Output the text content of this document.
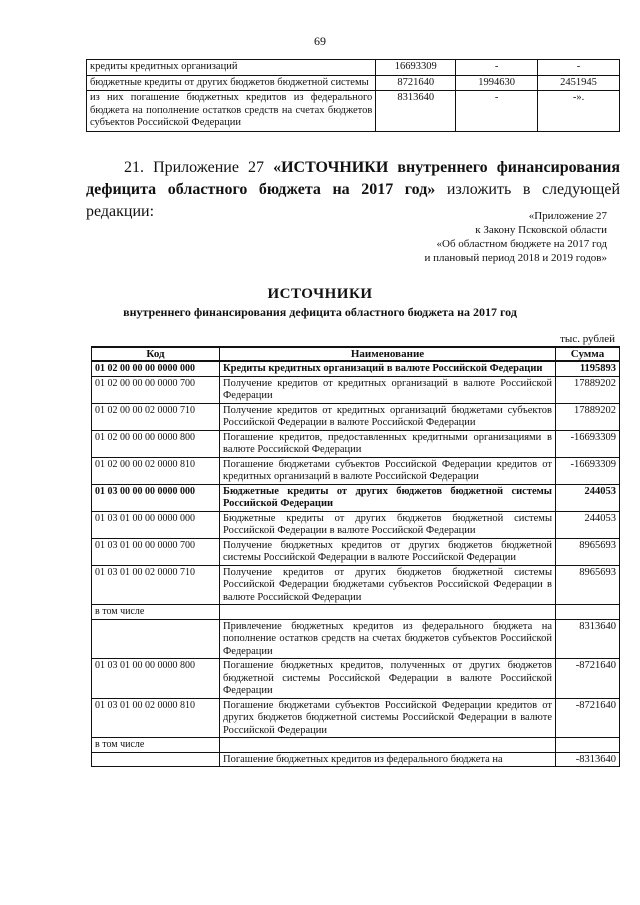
69
кредиты кредитных организаций	16693309	-	-
бюджетные кредиты от других бюджетов бюджетной системы	8721640	1994630	2451945
из них погашение бюджетных кредитов из федерального бюджета на пополнение остатков средств на счетах бюджетов субъектов Российской Федерации	8313640	-	-».
21. Приложение 27 «ИСТОЧНИКИ внутреннего финансирования дефицита областного бюджета на 2017 год» изложить в следующей редакции:	«Приложение 27
к Закону Псковской области
«Об областном бюджете на 2017 год
и плановый период 2018 и 2019 годов»
ИСТОЧНИКИ
внутреннего финансирования дефицита областного бюджета на 2017 год
тыс. рублей
Код	Наименование	Сумма
01 02 00 00 00 0000 000	Кредиты кредитных организаций в валюте Российской Федерации	1195893
01 02 00 00 00 0000 700	Получение кредитов от кредитных организаций в валюте Российской Федерации	17889202
01 02 00 00 02 0000 710	Получение кредитов от кредитных организаций бюджетами субъектов Российской Федерации в валюте Российской Федерации	17889202
01 02 00 00 00 0000 800	Погашение кредитов, предоставленных кредитными организациями в валюте Российской Федерации	-16693309
01 02 00 00 02 0000 810	Погашение бюджетами субъектов Российской Федерации кредитов от кредитных организаций в валюте Российской Федерации	-16693309
01 03 00 00 00 0000 000	Бюджетные кредиты от других бюджетов бюджетной системы Российской Федерации	244053
01 03 01 00 00 0000 000	Бюджетные кредиты от других бюджетов бюджетной системы Российской Федерации в валюте Российской Федерации	244053
01 03 01 00 00 0000 700	Получение бюджетных кредитов от других бюджетов бюджетной системы Российской Федерации в валюте Российской Федерации	8965693
01 03 01 00 02 0000 710	Получение кредитов от других бюджетов бюджетной системы Российской Федерации бюджетами субъектов Российской Федерации в валюте Российской Федерации	8965693
в том числе		
	Привлечение бюджетных кредитов из федерального бюджета на пополнение остатков средств на счетах бюджетов субъектов Российской Федерации	8313640
01 03 01 00 00 0000 800	Погашение бюджетных кредитов, полученных от других бюджетов бюджетной системы Российской Федерации в валюте Российской Федерации	-8721640
01 03 01 00 02 0000 810	Погашение бюджетами субъектов Российской Федерации кредитов от других бюджетов бюджетной системы Российской Федерации в валюте Российской Федерации	-8721640
в том числе		
	Погашение бюджетных кредитов из федерального бюджета на	-8313640
